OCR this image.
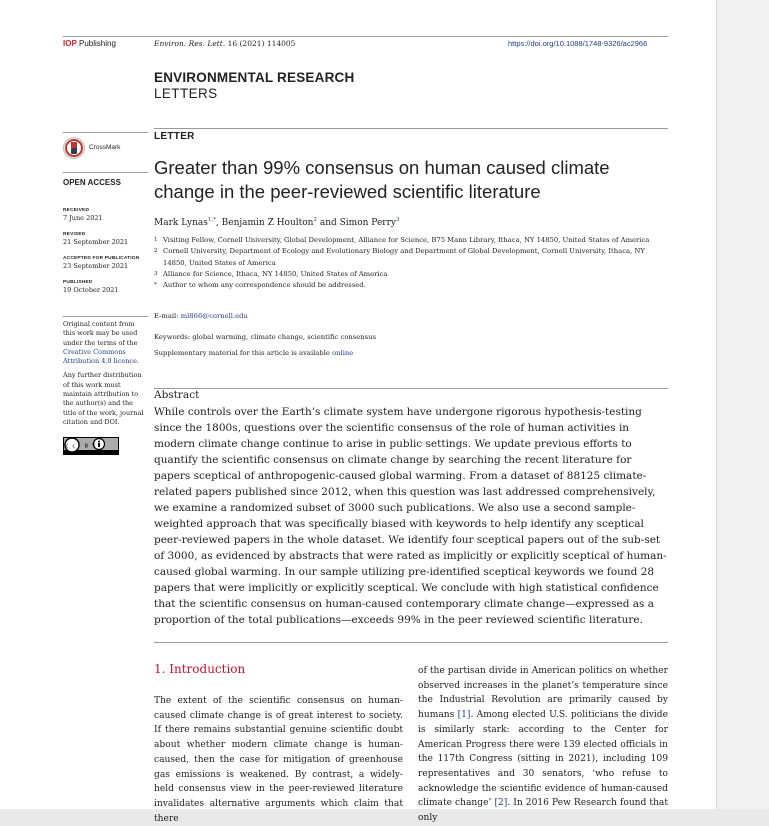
IOP Publishing	Environ. Res. Lett. 16 (2021) 114005	https://doi.org/10.1088/1748-9326/ac2966
ENVIRONMENTAL RESEARCH
LETTERS
CrossMark
OPEN ACCESS
RECEIVED
7 June 2021
REVISED
21 September 2021
ACCEPTED FOR PUBLICATION
23 September 2021
PUBLISHED
19 October 2021

Original content from this work may be used under the terms of the Creative Commons Attribution 4.0 licence.

Any further distribution of this work must maintain attribution to the author(s) and the title of the work, journal citation and DOI.

cc BY
LETTER
Greater than 99% consensus on human caused climate change in the peer-reviewed scientific literature
Mark Lynas$^{1,*}$, Benjamin Z Houlton$^2$ and Simon Perry$^3$
1 Visiting Fellow, Cornell University, Global Development, Alliance for Science, B75 Mann Library, Ithaca, NY 14850, United States of America
2 Cornell University, Department of Ecology and Evolutionary Biology and Department of Global Development, Cornell University, Ithaca, NY 14850, United States of America
3 Alliance for Science, Ithaca, NY 14850, United States of America
* Author to whom any correspondence should be addressed.
E-mail: ml866@cornell.edu
Keywords: global warming, climate change, scientific consensus
Supplementary material for this article is available online
Abstract
While controls over the Earth’s climate system have undergone rigorous hypothesis-testing since the 1800s, questions over the scientific consensus of the role of human activities in modern climate change continue to arise in public settings. We update previous efforts to quantify the scientific consensus on climate change by searching the recent literature for papers sceptical of anthropogenic-caused global warming. From a dataset of 88125 climate-related papers published since 2012, when this question was last addressed comprehensively, we examine a randomized subset of 3000 such publications. We also use a second sample-weighted approach that was specifically biased with keywords to help identify any sceptical peer-reviewed papers in the whole dataset. We identify four sceptical papers out of the sub-set of 3000, as evidenced by abstracts that were rated as implicitly or explicitly sceptical of human-caused global warming. In our sample utilizing pre-identified sceptical keywords we found 28 papers that were implicitly or explicitly sceptical. We conclude with high statistical confidence that the scientific consensus on human-caused contemporary climate change—expressed as a proportion of the total publications—exceeds 99% in the peer reviewed scientific literature.
1. Introduction
The extent of the scientific consensus on human-caused climate change is of great interest to society. If there remains substantial genuine scientific doubt about whether modern climate change is human-caused, then the case for mitigation of greenhouse gas emissions is weakened. By contrast, a widely-held consensus view in the peer-reviewed literature invalidates alternative arguments which claim that there
of the partisan divide in American politics on whether observed increases in the planet’s temperature since the Industrial Revolution are primarily caused by humans [1]. Among elected U.S. politicians the divide is similarly stark: according to the Center for American Progress there were 139 elected officials in the 117th Congress (sitting in 2021), including 109 representatives and 30 senators, ‘who refuse to acknowledge the scientific evidence of human-caused climate change’ [2]. In 2016 Pew Research found that only
